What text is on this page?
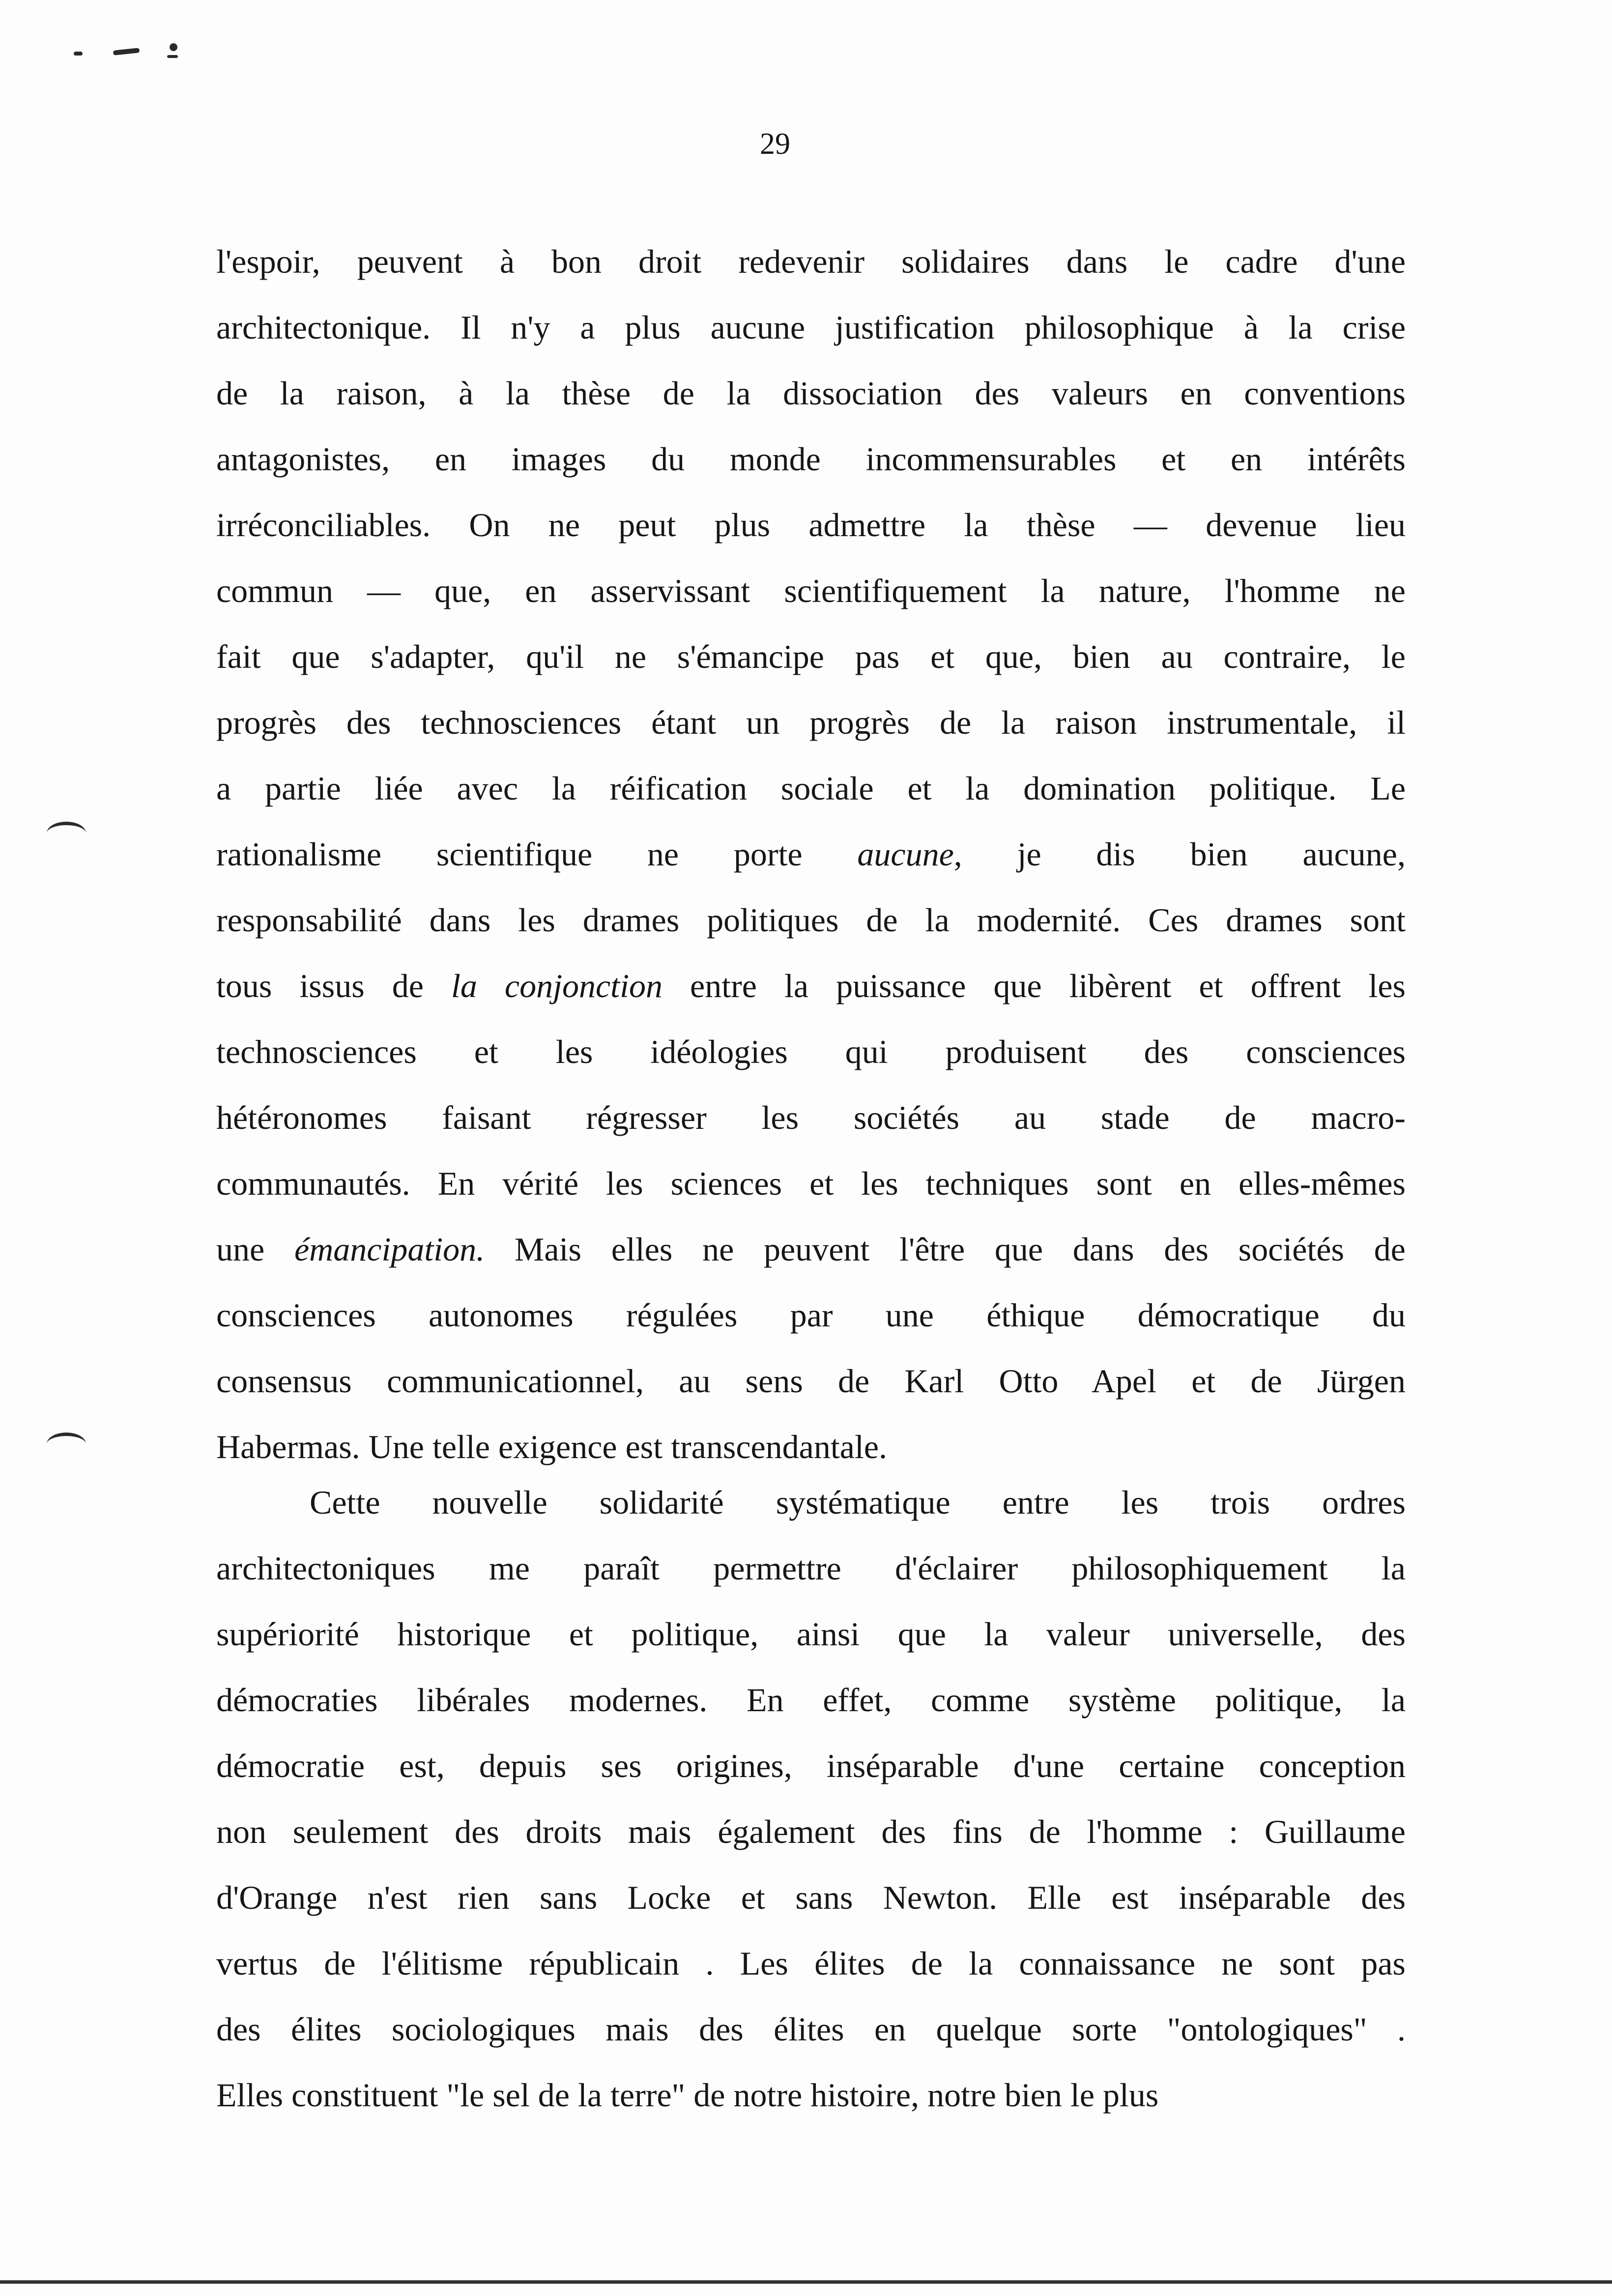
29

l'espoir, peuvent à bon droit redevenir solidaires dans le cadre d'une
architectonique. Il n'y a plus aucune justification philosophique à la crise
de la raison, à la thèse de la dissociation des valeurs en conventions
antagonistes, en images du monde incommensurables et en intérêts
irréconciliables. On ne peut plus admettre la thèse — devenue lieu
commun — que, en asservissant scientifiquement la nature, l'homme ne
fait que s'adapter, qu'il ne s'émancipe pas et que, bien au contraire, le
progrès des technosciences étant un progrès de la raison instrumentale, il
a partie liée avec la réification sociale et la domination politique. Le
rationalisme scientifique ne porte aucune, je dis bien aucune,
responsabilité dans les drames politiques de la modernité. Ces drames sont
tous issus de la conjonction entre la puissance que libèrent et offrent les
technosciences et les idéologies qui produisent des consciences
hétéronomes faisant régresser les sociétés au stade de macro-
communautés. En vérité les sciences et les techniques sont en elles-mêmes
une émancipation. Mais elles ne peuvent l'être que dans des sociétés de
consciences autonomes régulées par une éthique démocratique du
consensus communicationnel, au sens de Karl Otto Apel et de Jürgen
Habermas. Une telle exigence est transcendantale.

Cette nouvelle solidarité systématique entre les trois ordres
architectoniques me paraît permettre d'éclairer philosophiquement la
supériorité historique et politique, ainsi que la valeur universelle, des
démocraties libérales modernes. En effet, comme système politique, la
démocratie est, depuis ses origines, inséparable d'une certaine conception
non seulement des droits mais également des fins de l'homme : Guillaume
d'Orange n'est rien sans Locke et sans Newton. Elle est inséparable des
vertus de l'élitisme républicain . Les élites de la connaissance ne sont pas
des élites sociologiques mais des élites en quelque sorte "ontologiques" .
Elles constituent "le sel de la terre" de notre histoire, notre bien le plus
